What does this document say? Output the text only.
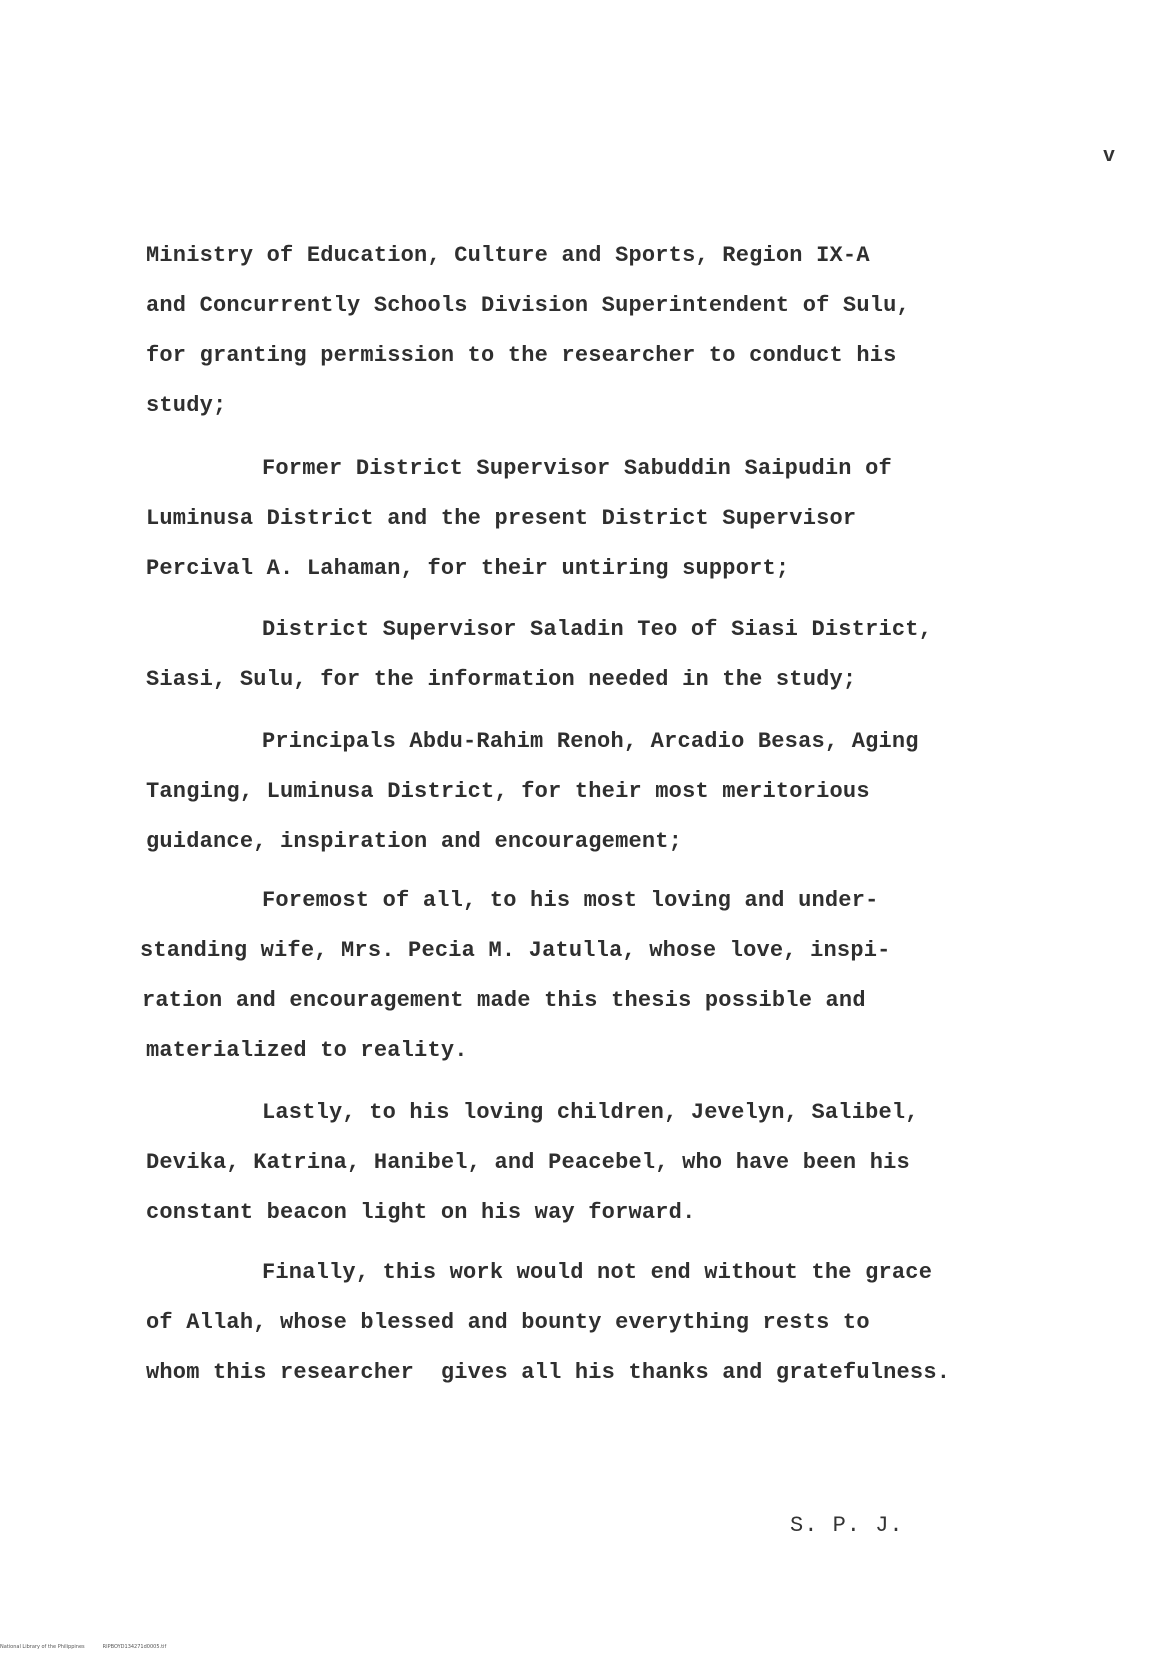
v
Ministry of Education, Culture and Sports, Region IX-A
and Concurrently Schools Division Superintendent of Sulu,
for granting permission to the researcher to conduct his
study;
Former District Supervisor Sabuddin Saipudin of
Luminusa District and the present District Supervisor
Percival A. Lahaman, for their untiring support;
District Supervisor Saladin Teo of Siasi District,
Siasi, Sulu, for the information needed in the study;
Principals Abdu-Rahim Renoh, Arcadio Besas, Aging
Tanging, Luminusa District, for their most meritorious
guidance, inspiration and encouragement;
Foremost of all, to his most loving and under-
standing wife, Mrs. Pecia M. Jatulla, whose love, inspi-
ration and encouragement made this thesis possible and
materialized to reality.
Lastly, to his loving children, Jevelyn, Salibel,
Devika, Katrina, Hanibel, and Peacebel, who have been his
constant beacon light on his way forward.
Finally, this work would not end without the grace
of Allah, whose blessed and bounty everything rests to
whom this researcher  gives all his thanks and gratefulness.
S. P. J.
National Library of the Philippines	RIPBOYD134271d0005.tif
